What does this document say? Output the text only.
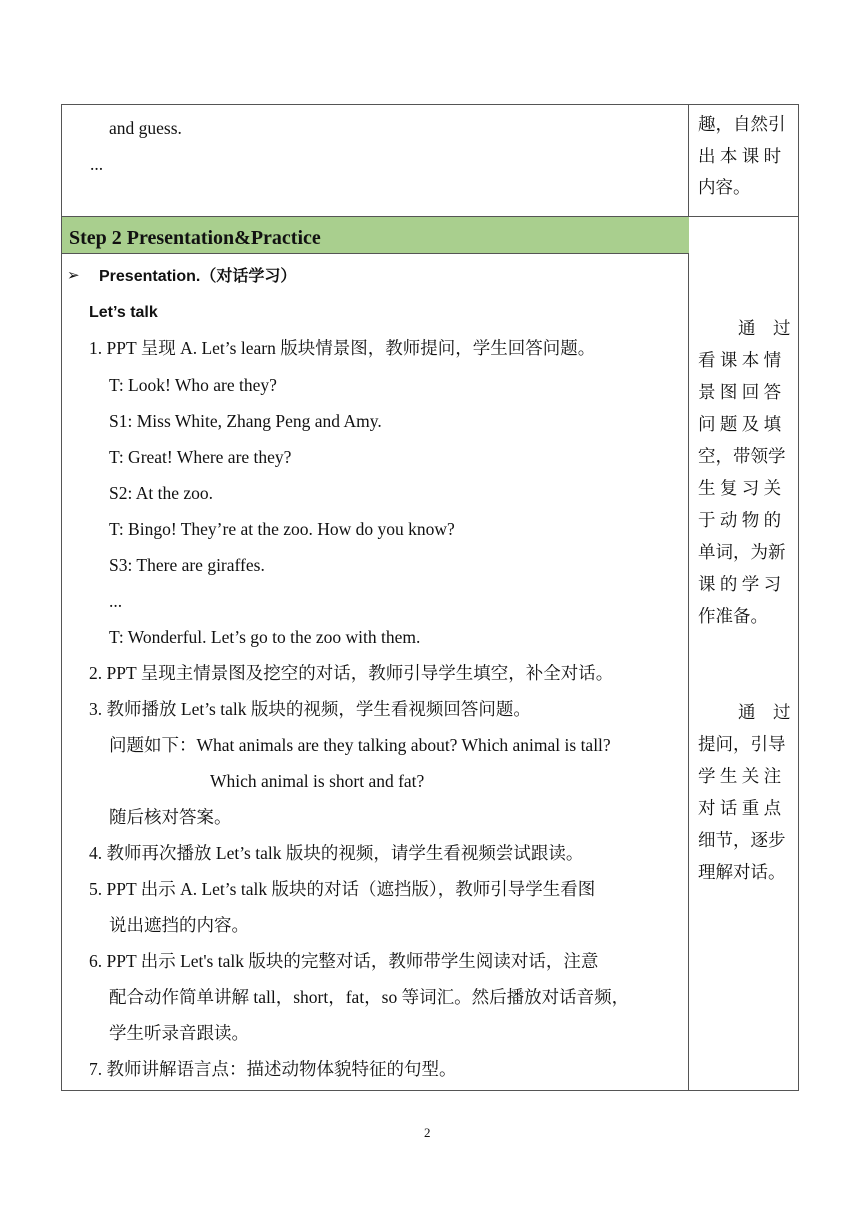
and guess.
...
趣，自然引
出 本 课 时
内容。
Step 2 Presentation&Practice
➢ Presentation.（对话学习）
Let’s talk
1. PPT 呈现 A. Let’s learn 版块情景图，教师提问，学生回答问题。
T: Look! Who are they?
S1: Miss White, Zhang Peng and Amy.
T: Great! Where are they?
S2: At the zoo.
T: Bingo! They’re at the zoo. How do you know?
S3: There are giraffes.
...
T: Wonderful. Let’s go to the zoo with them.
2. PPT 呈现主情景图及挖空的对话，教师引导学生填空，补全对话。
3. 教师播放 Let’s talk 版块的视频，学生看视频回答问题。
问题如下：What animals are they talking about? Which animal is tall?
Which animal is short and fat?
随后核对答案。
4. 教师再次播放 Let’s talk 版块的视频，请学生看视频尝试跟读。
5. PPT 出示 A. Let’s talk 版块的对话（遮挡版），教师引导学生看图
说出遮挡的内容。
6. PPT 出示 Let's talk 版块的完整对话，教师带学生阅读对话，注意
配合动作简单讲解 tall，short，fat，so 等词汇。然后播放对话音频，
学生听录音跟读。
7. 教师讲解语言点：描述动物体貌特征的句型。
通　过
看 课 本 情
景 图 回 答
问 题 及 填
空，带领学
生 复 习 关
于 动 物 的
单词，为新
课 的 学 习
作准备。
通　过
提问，引导
学 生 关 注
对 话 重 点
细节，逐步
理解对话。
2
